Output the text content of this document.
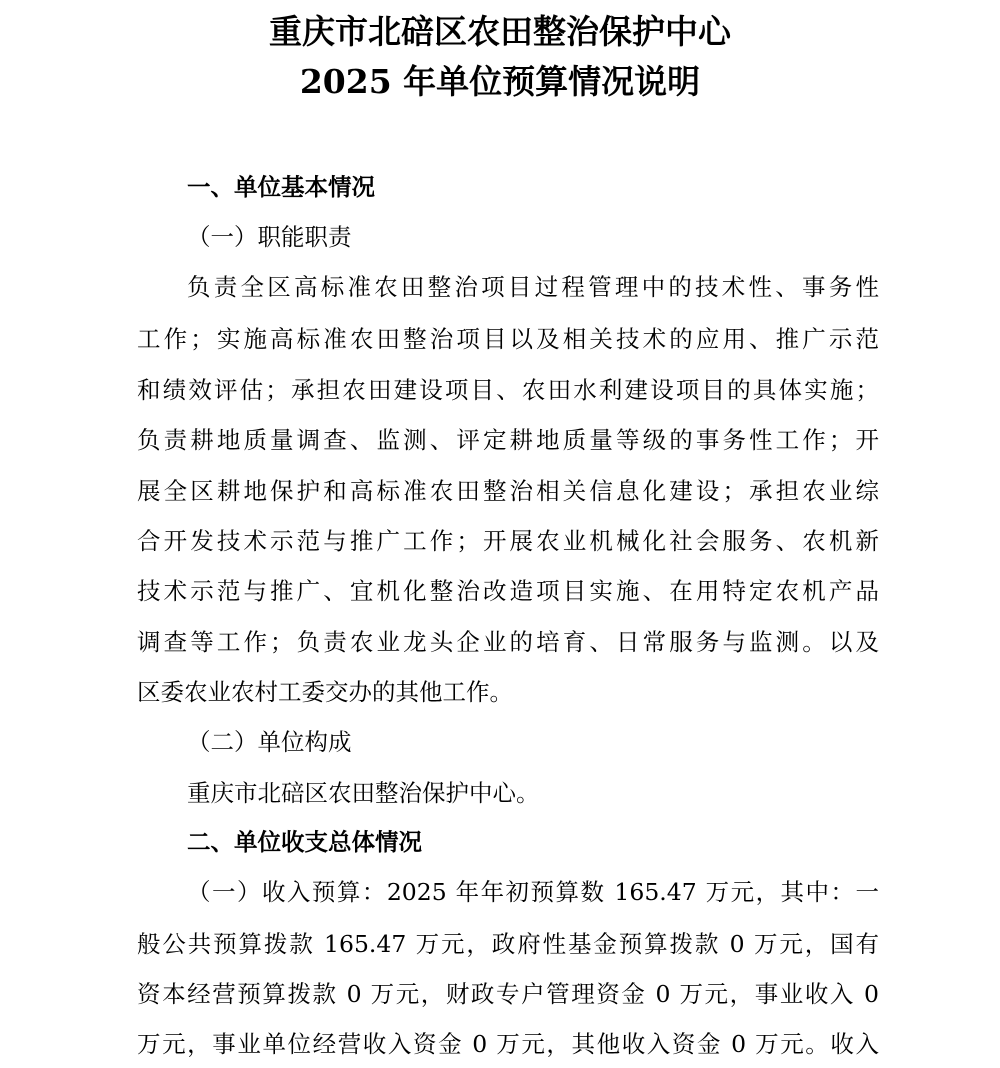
重庆市北碚区农田整治保护中心
2025 年单位预算情况说明

一、单位基本情况

（一）职能职责

负责全区高标准农田整治项目过程管理中的技术性、事务性

工作；实施高标准农田整治项目以及相关技术的应用、推广示范

和绩效评估；承担农田建设项目、农田水利建设项目的具体实施；

负责耕地质量调查、监测、评定耕地质量等级的事务性工作；开

展全区耕地保护和高标准农田整治相关信息化建设；承担农业综

合开发技术示范与推广工作；开展农业机械化社会服务、农机新

技术示范与推广、宜机化整治改造项目实施、在用特定农机产品

调查等工作；负责农业龙头企业的培育、日常服务与监测。以及

区委农业农村工委交办的其他工作。

（二）单位构成

重庆市北碚区农田整治保护中心。

二、单位收支总体情况

（一）收入预算：2025 年年初预算数 165.47 万元，其中：一

般公共预算拨款 165.47 万元，政府性基金预算拨款 0 万元，国有

资本经营预算拨款 0 万元，财政专户管理资金 0 万元，事业收入 0

万元，事业单位经营收入资金 0 万元，其他收入资金 0 万元。收入
